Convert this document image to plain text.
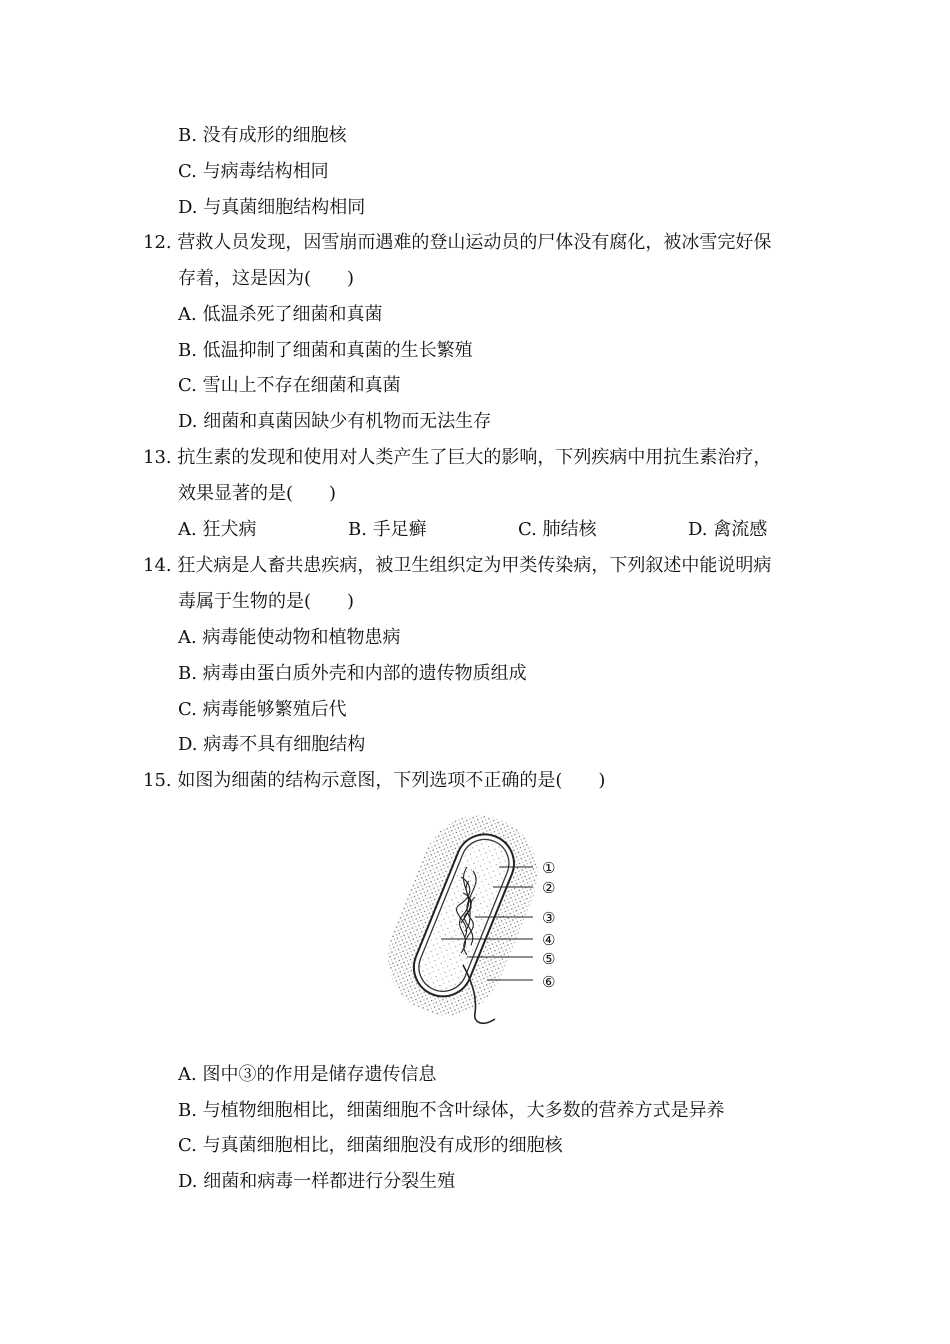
B. 没有成形的细胞核
C. 与病毒结构相同
D. 与真菌细胞结构相同
12. 营救人员发现，因雪崩而遇难的登山运动员的尸体没有腐化，被冰雪完好保
存着，这是因为(　　)
A. 低温杀死了细菌和真菌
B. 低温抑制了细菌和真菌的生长繁殖
C. 雪山上不存在细菌和真菌
D. 细菌和真菌因缺少有机物而无法生存
13. 抗生素的发现和使用对人类产生了巨大的影响，下列疾病中用抗生素治疗，
效果显著的是(　　)
A. 狂犬病	B. 手足癣	C. 肺结核	D. 禽流感
14. 狂犬病是人畜共患疾病，被卫生组织定为甲类传染病，下列叙述中能说明病
毒属于生物的是(　　)
A. 病毒能使动物和植物患病
B. 病毒由蛋白质外壳和内部的遗传物质组成
C. 病毒能够繁殖后代
D. 病毒不具有细胞结构
15. 如图为细菌的结构示意图，下列选项不正确的是(　　)
①
②
③
④
⑤
⑥
A. 图中③的作用是储存遗传信息
B. 与植物细胞相比，细菌细胞不含叶绿体，大多数的营养方式是异养
C. 与真菌细胞相比，细菌细胞没有成形的细胞核
D. 细菌和病毒一样都进行分裂生殖
